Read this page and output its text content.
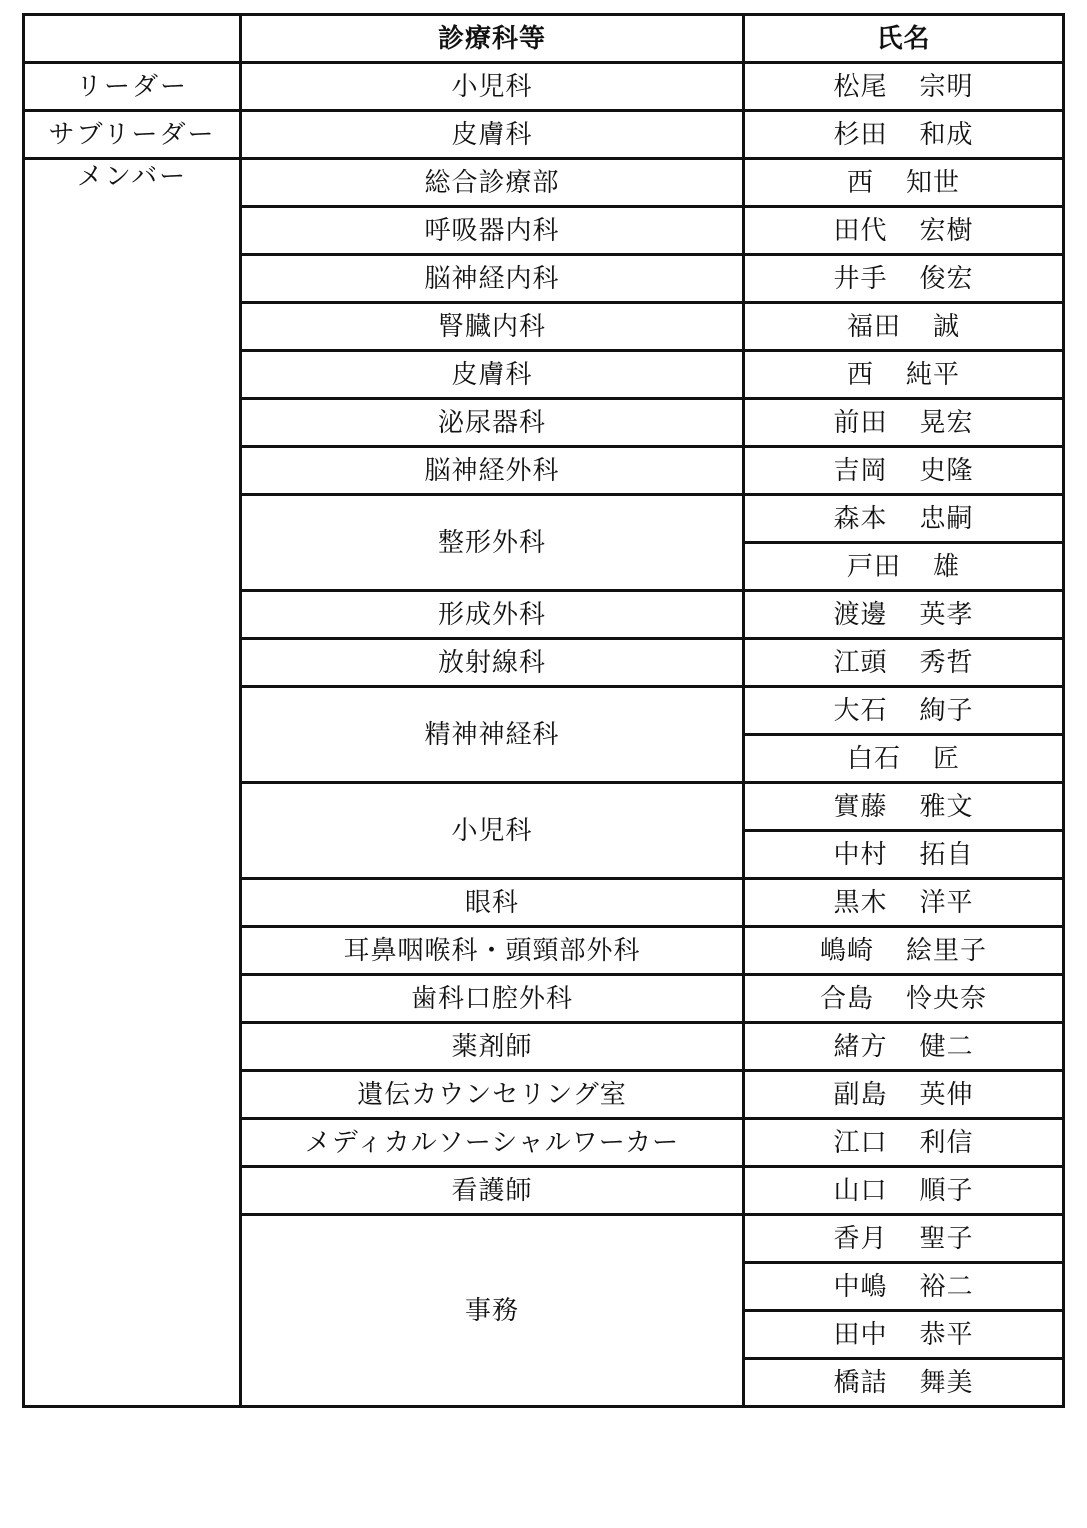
	診療科等	氏名
リーダー	小児科	松尾 宗明
サブリーダー	皮膚科	杉田 和成

メンバー	総合診療部	西 知世
	呼吸器内科	田代 宏樹
	脳神経内科	井手 俊宏
	腎臓内科	福田 誠
	皮膚科	西 純平
	泌尿器科	前田 晃宏
	脳神経外科	吉岡 史隆
	整形外科	森本 忠嗣
		戸田 雄
	形成外科	渡邊 英孝
	放射線科	江頭 秀哲
	精神神経科	大石 絢子
		白石 匠
	小児科	實藤 雅文
		中村 拓自
	眼科	黒木 洋平
	耳鼻咽喉科・頭頸部外科	嶋崎 絵里子
	歯科口腔外科	合島 怜央奈
	薬剤師	緒方 健二
	遺伝カウンセリング室	副島 英伸
	メディカルソーシャルワーカー	江口 利信
	看護師	山口 順子
	事務	香月 聖子
		中嶋 裕二
		田中 恭平
		橋詰 舞美
